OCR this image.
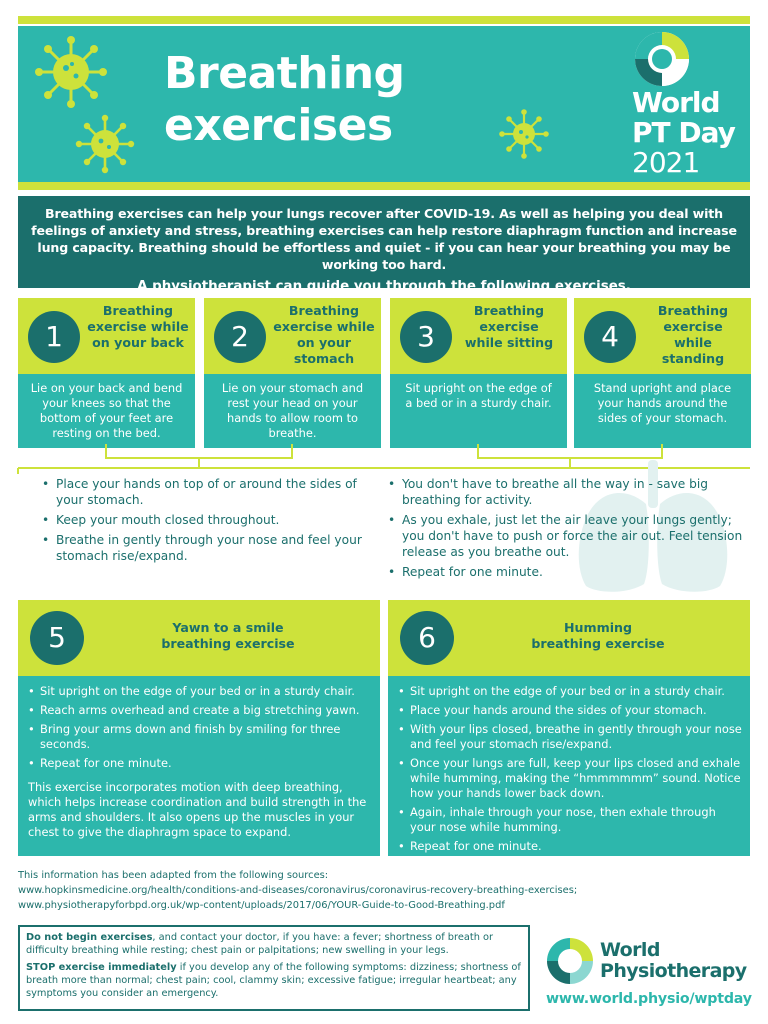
Breathing
exercises	World
PT Day
2021

Breathing exercises can help your lungs recover after COVID-19. As well as helping you deal with feelings of anxiety and stress, breathing exercises can help restore diaphragm function and increase lung capacity. Breathing should be effortless and quiet - if you can hear your breathing you may be working too hard.

A physiotherapist can guide you through the following exercises.

1
Breathing exercise while on your back
Lie on your back and bend your knees so that the bottom of your feet are resting on the bed.
2
Breathing exercise while on your stomach
Lie on your stomach and rest your head on your hands to allow room to breathe.
3
Breathing exercise while sitting
Sit upright on the edge of a bed or in a sturdy chair.
4
Breathing exercise while standing
Stand upright and place your hands around the sides of your stomach.
• Place your hands on top of or around the sides of your stomach.
• Keep your mouth closed throughout.
• Breathe in gently through your nose and feel your stomach rise/expand.
• You don't have to breathe all the way in - save big breathing for activity.
• As you exhale, just let the air leave your lungs gently; you don't have to push or force the air out. Feel tension release as you breathe out.
• Repeat for one minute.
5	Yawn to a smile
breathing exercise
• Sit upright on the edge of your bed or in a sturdy chair.
• Reach arms overhead and create a big stretching yawn.
• Bring your arms down and finish by smiling for three seconds.
• Repeat for one minute.

This exercise incorporates motion with deep breathing, which helps increase coordination and build strength in the arms and shoulders. It also opens up the muscles in your chest to give the diaphragm space to expand.

6	Humming
breathing exercise
• Sit upright on the edge of your bed or in a sturdy chair.
• Place your hands around the sides of your stomach.
• With your lips closed, breathe in gently through your nose and feel your stomach rise/expand.
• Once your lungs are full, keep your lips closed and exhale while humming, making the “hmmmmmm” sound. Notice how your hands lower back down.
• Again, inhale through your nose, then exhale through your nose while humming.
• Repeat for one minute.
This information has been adapted from the following sources:
www.hopkinsmedicine.org/health/conditions-and-diseases/coronavirus/coronavirus-recovery-breathing-exercises;
www.physiotherapyforbpd.org.uk/wp-content/uploads/2017/06/YOUR-Guide-to-Good-Breathing.pdf

Do not begin exercises, and contact your doctor, if you have: a fever; shortness of breath or difficulty breathing while resting; chest pain or palpitations; new swelling in your legs.

STOP exercise immediately if you develop any of the following symptoms: dizziness; shortness of breath more than normal; chest pain; cool, clammy skin; excessive fatigue; irregular heartbeat; any symptoms you consider an emergency.

World
Physiotherapy
www.world.physio/wptday
